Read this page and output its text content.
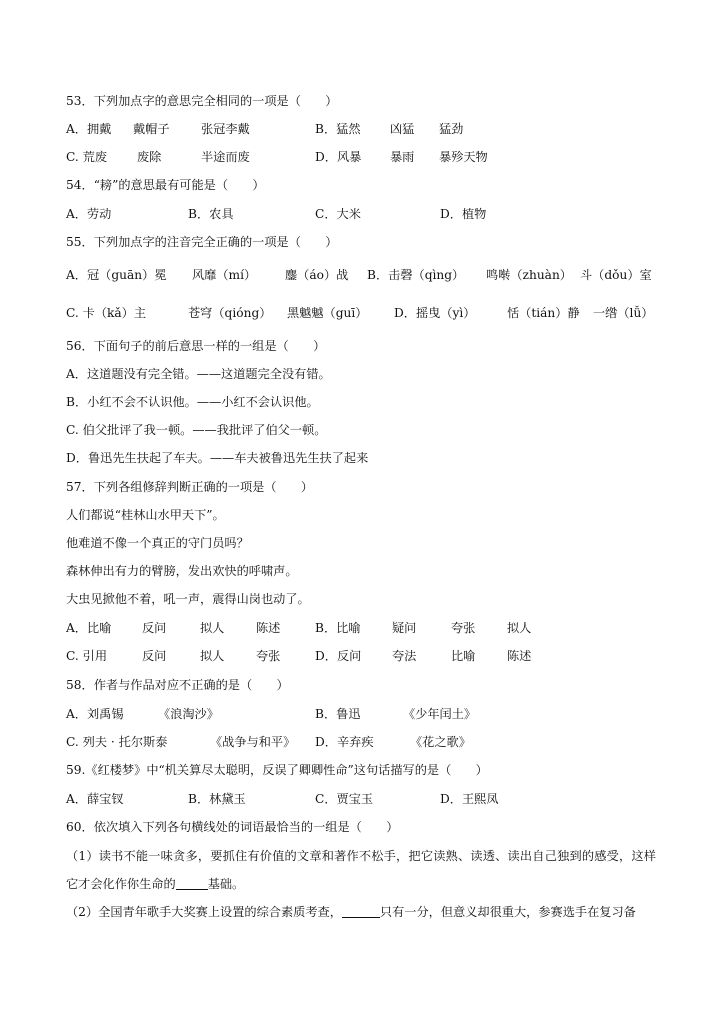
53．下列加点字的意思完全相同的一项是（　　）
A．拥戴 戴帽子	张冠李戴	B．猛然 凶猛 猛劲
C. 荒废 废除	半途而废	D．风暴 暴雨 暴殄天物
54．“耪”的意思最有可能是（　　）
A．劳动	B．农具	C．大米	D．植物
55．下列加点字的注音完全正确的一项是（　　）
A．冠（guān）冕 风靡（mí） 鏖（áo）战 B．击磬（qìng） 鸣啭（zhuàn） 斗（dǒu）室
C. 卡（kǎ）主	苍穹（qióng） 黑魆魆（guī） D．摇曳（yì）	恬（tián）静 一绺（lǚ）
56．下面句子的前后意思一样的一组是（　　）
A．这道题没有完全错。——这道题完全没有错。
B．小红不会不认识他。——小红不会认识他。
C. 伯父批评了我一顿。——我批评了伯父一顿。
D．鲁迅先生扶起了车夫。——车夫被鲁迅先生扶了起来
57．下列各组修辞判断正确的一项是（　　）
人们都说“桂林山水甲天下”。
他难道不像一个真正的守门员吗？
森林伸出有力的臂膀，发出欢快的呼啸声。
大虫见掀他不着，吼一声，震得山岗也动了。
A．比喻	反问	拟人	陈述	B．比喻	疑问	夸张	拟人
C. 引用	反问	拟人	夸张	D．反问	夸法	比喻	陈述
58．作者与作品对应不正确的是（　　）
A．刘禹锡	《浪淘沙》	B．鲁迅	《少年闰土》
C. 列夫 · 托尔斯泰	《战争与和平》 D．辛弃疾	《花之歌》
59.《红楼梦》中“机关算尽太聪明，反误了卿卿性命”这句话描写的是（　　）
A．薛宝钗	B．林黛玉	C．贾宝玉	D．王熙凤
60．依次填入下列各句横线处的词语最恰当的一组是（　　）
（1）读书不能一味贪多，要抓住有价值的文章和著作不松手，把它读熟、读透、读出自己独到的感受，这样它才会化作你生命的	基础。
（2）全国青年歌手大奖赛上设置的综合素质考查，	只有一分，但意义却很重大，参赛选手在复习备
